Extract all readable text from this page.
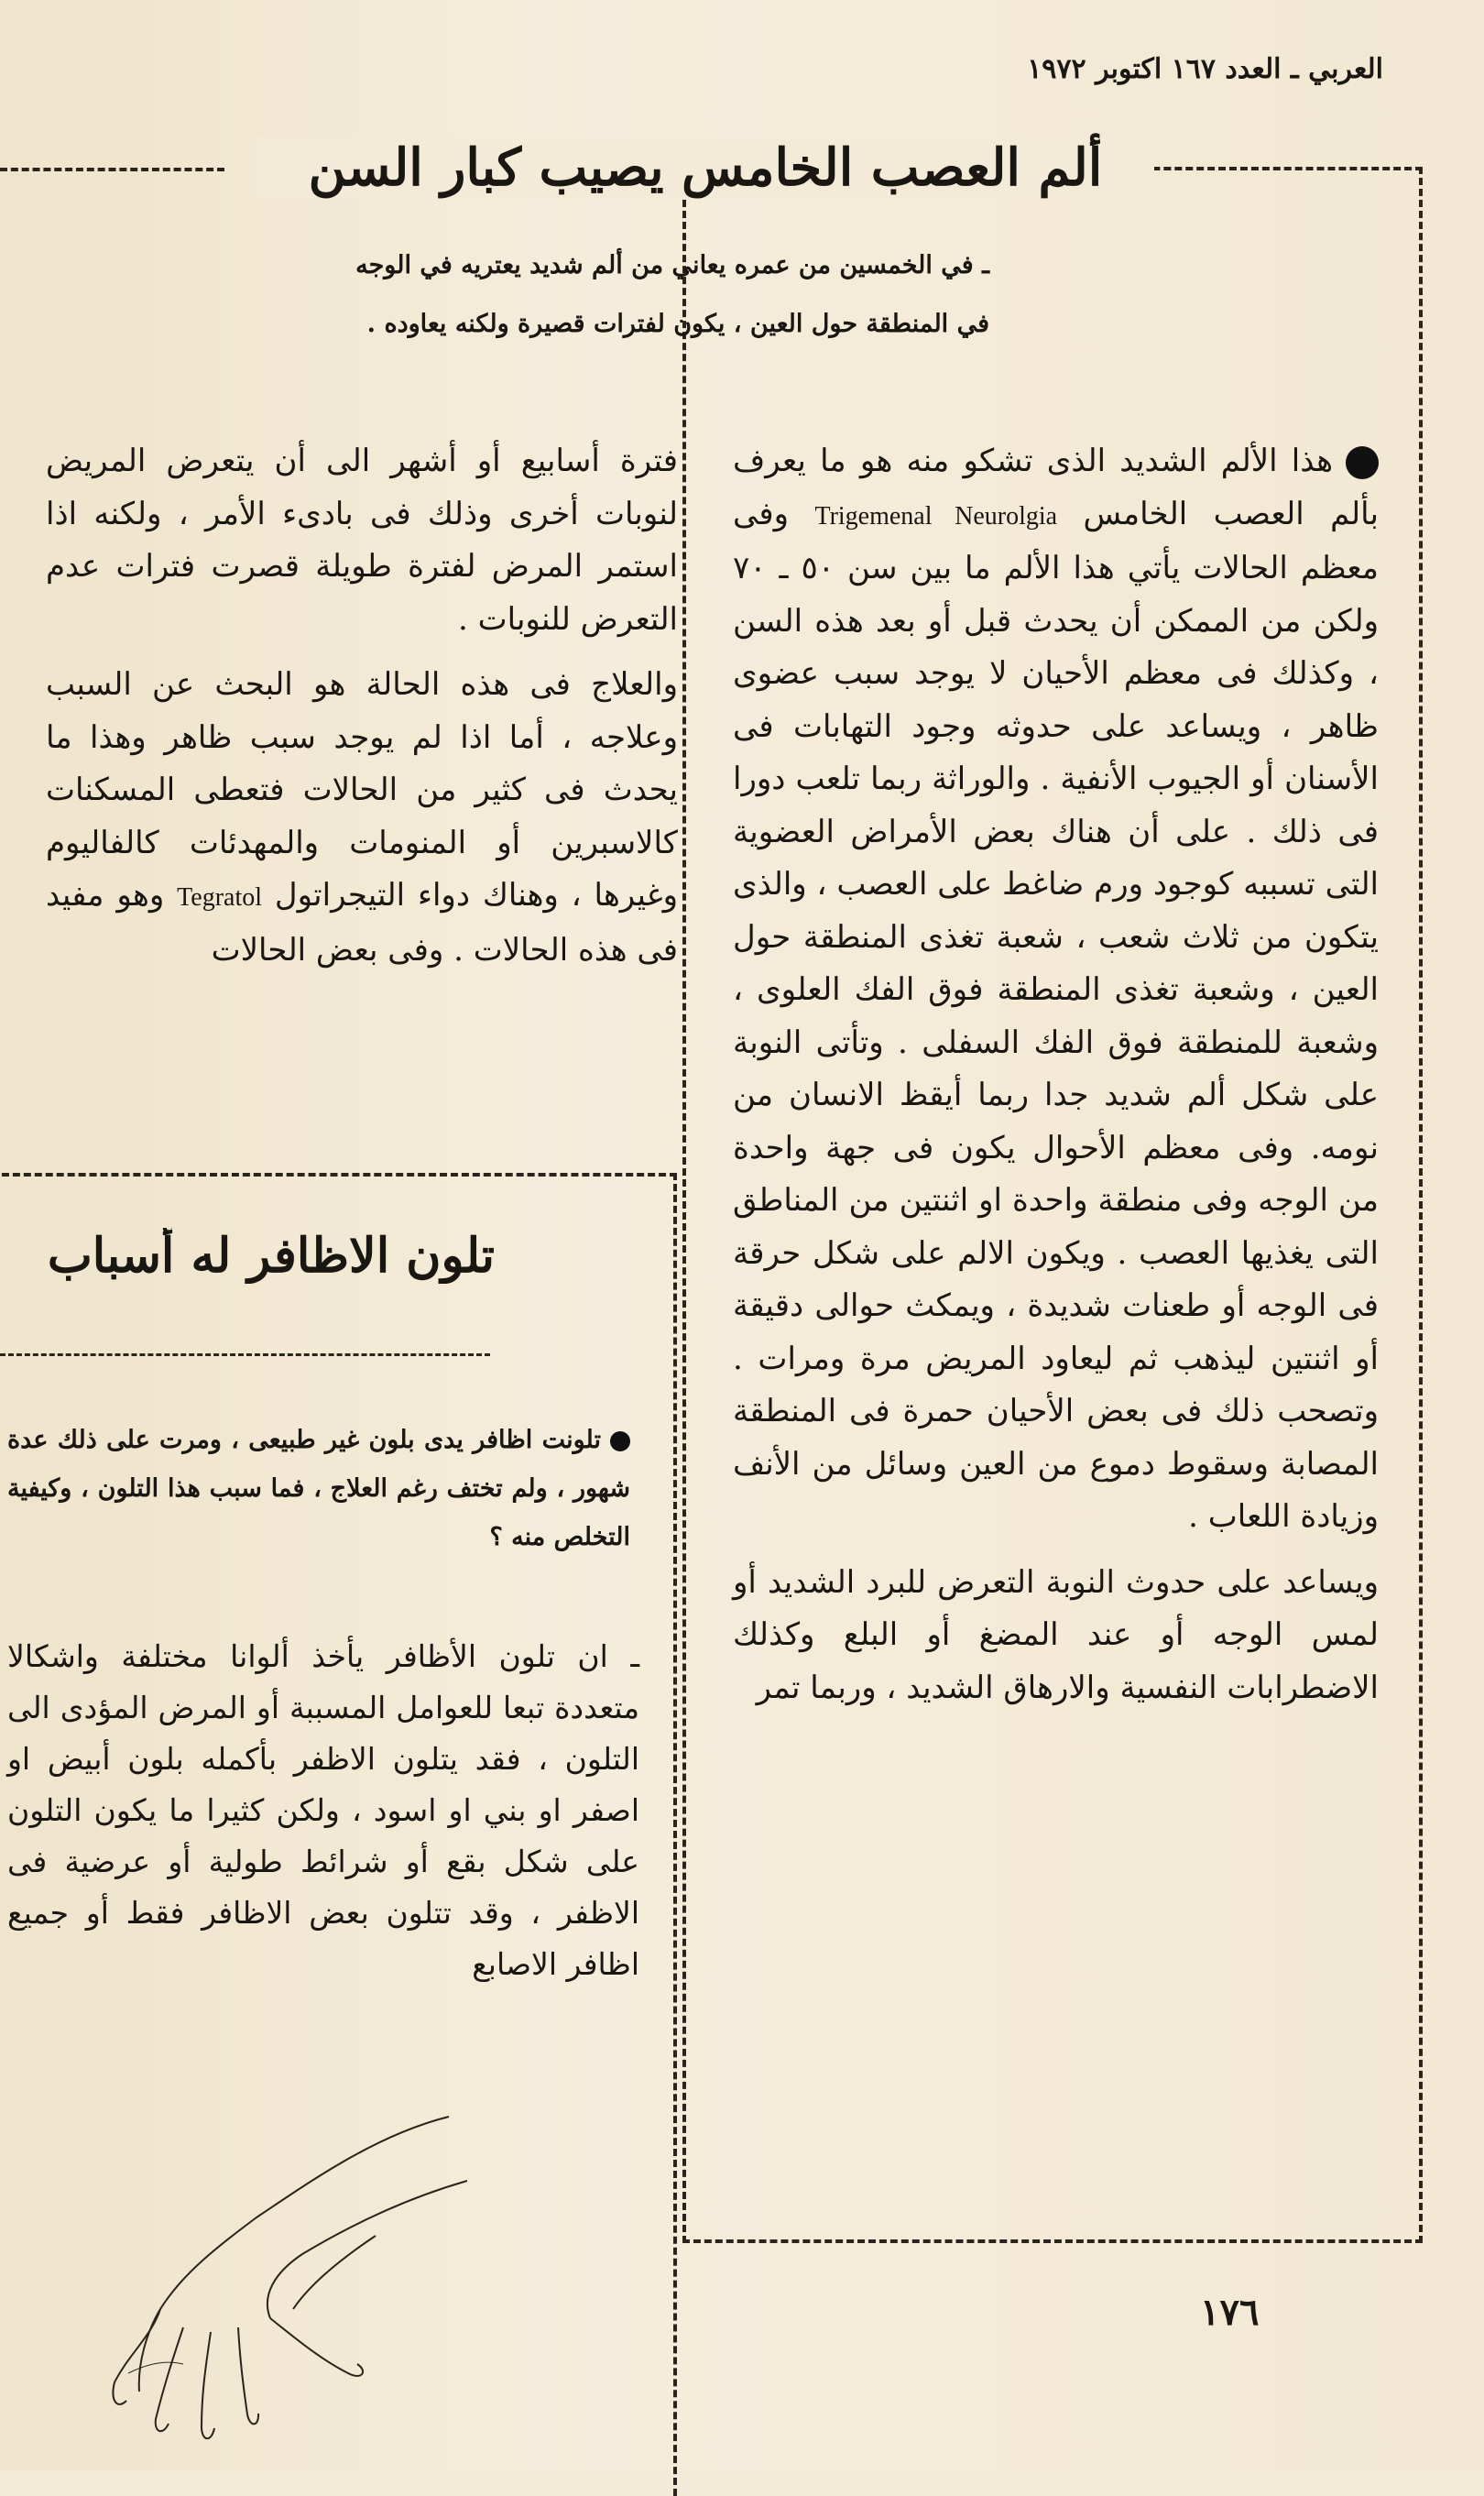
العربي ـ العدد ١٦٧ اكتوبر ١٩٧٢
ألم العصب الخامس يصيب كبار السن
ـ في الخمسين من عمره يعاني من ألم شديد يعتريه في الوجه
في المنطقة حول العين ، يكون لفترات قصيرة ولكنه يعاوده .

هذا الألم الشديد الذى تشكو منه هو ما يعرف بألم العصب الخامس Trigemenal Neurolgia وفى معظم الحالات يأتي هذا الألم ما بين سن ٥٠ ـ ٧٠ ولكن من الممكن أن يحدث قبل أو بعد هذه السن ، وكذلك فى معظم الأحيان لا يوجد سبب عضوى ظاهر ، ويساعد على حدوثه وجود التهابات فى الأسنان أو الجيوب الأنفية . والوراثة ربما تلعب دورا فى ذلك . على أن هناك بعض الأمراض العضوية التى تسببه كوجود ورم ضاغط على العصب ، والذى يتكون من ثلاث شعب ، شعبة تغذى المنطقة حول العين ، وشعبة تغذى المنطقة فوق الفك العلوى ، وشعبة للمنطقة فوق الفك السفلى . وتأتى النوبة على شكل ألم شديد جدا ربما أيقظ الانسان من نومه. وفى معظم الأحوال يكون فى جهة واحدة من الوجه وفى منطقة واحدة او اثنتين من المناطق التى يغذيها العصب . ويكون الالم على شكل حرقة فى الوجه أو طعنات شديدة ، ويمكث حوالى دقيقة أو اثنتين ليذهب ثم ليعاود المريض مرة ومرات . وتصحب ذلك فى بعض الأحيان حمرة فى المنطقة المصابة وسقوط دموع من العين وسائل من الأنف وزيادة اللعاب .

ويساعد على حدوث النوبة التعرض للبرد الشديد أو لمس الوجه أو عند المضغ أو البلع وكذلك الاضطرابات النفسية والارهاق الشديد ، وربما تمر

فترة أسابيع أو أشهر الى أن يتعرض المريض لنوبات أخرى وذلك فى بادىء الأمر ، ولكنه اذا استمر المرض لفترة طويلة قصرت فترات عدم التعرض للنوبات .

والعلاج فى هذه الحالة هو البحث عن السبب وعلاجه ، أما اذا لم يوجد سبب ظاهر وهذا ما يحدث فى كثير من الحالات فتعطى المسكنات كالاسبرين أو المنومات والمهدئات كالفاليوم وغيرها ، وهناك دواء التيجراتول Tegratol وهو مفيد فى هذه الحالات . وفى بعض الحالات

تلون الاظافر له أسباب
تلونت اظافر يدى بلون غير طبيعى ، ومرت على ذلك عدة شهور ، ولم تختف رغم العلاج ، فما سبب هذا التلون ، وكيفية التخلص منه ؟
ـ ان تلون الأظافر يأخذ ألوانا مختلفة واشكالا متعددة تبعا للعوامل المسببة أو المرض المؤدى الى التلون ، فقد يتلون الاظفر بأكمله بلون أبيض او اصفر او بني او اسود ، ولكن كثيرا ما يكون التلون على شكل بقع أو شرائط طولية أو عرضية فى الاظفر ، وقد تتلون بعض الاظافر فقط أو جميع اظافر الاصابع
١٧٦
